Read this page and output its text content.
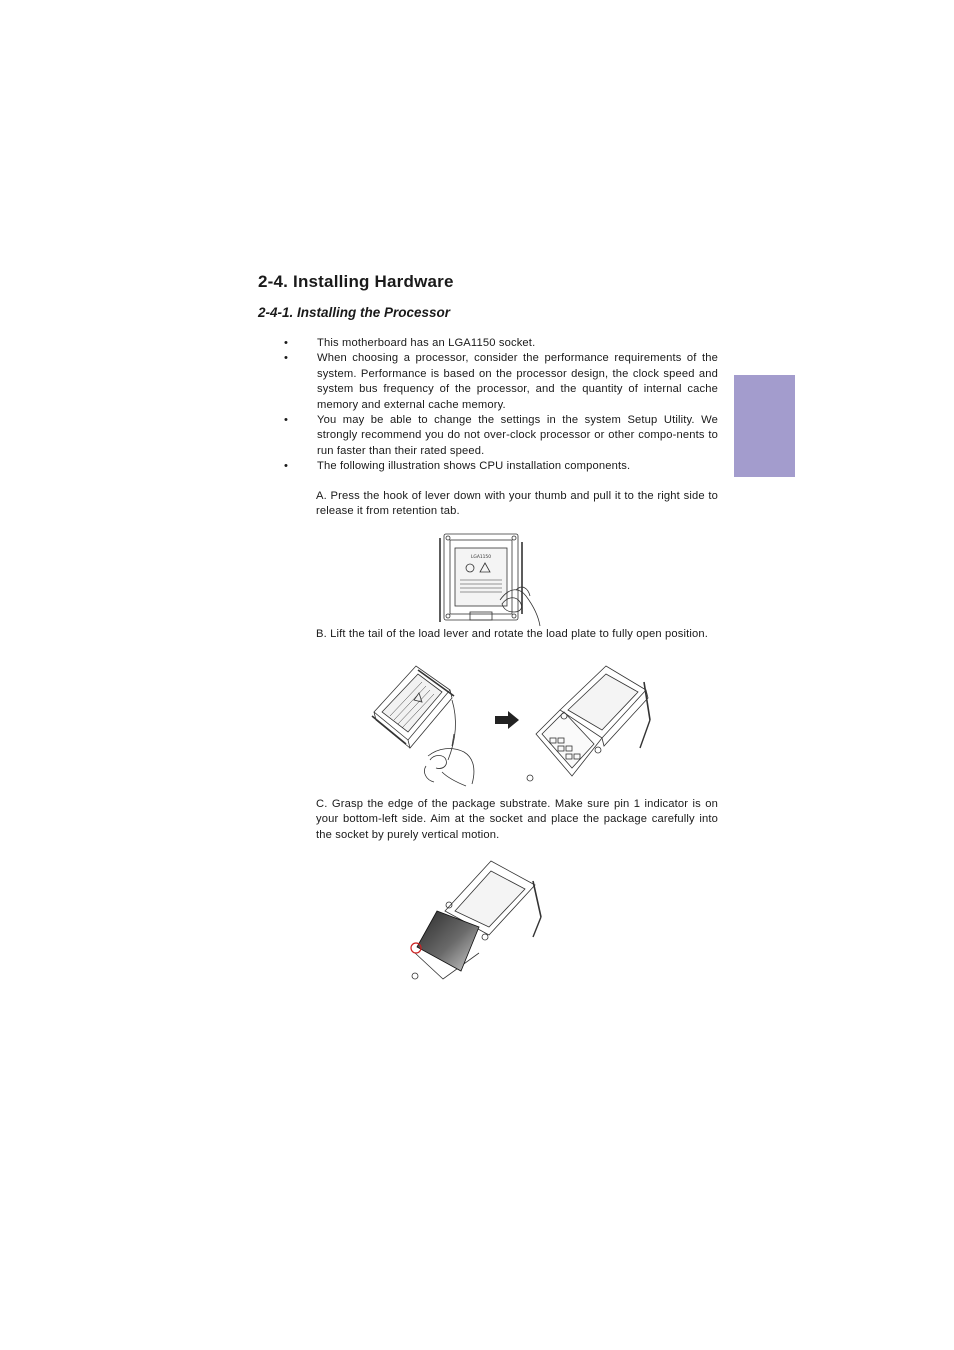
2-4. Installing Hardware
2-4-1. Installing the Processor
•	This motherboard has an LGA1150 socket.
•	When choosing a processor, consider the performance requirements of the system. Performance is based on the processor design, the clock speed and system bus frequency of the processor, and the quantity of internal cache memory and external cache memory.
•	You may be able to change the settings in the system Setup Utility. We strongly recommend you do not over-clock processor or other compo-nents to run faster than their rated speed.
•	The following illustration shows CPU installation components.

A. Press the hook of lever down with your thumb and pull it to the right side to release it from retention tab.

LGA1150

B. Lift the tail of the load lever and rotate the load plate to fully open position.

C. Grasp the edge of the package substrate. Make sure pin 1 indicator is on your bottom-left side. Aim at the socket and place the package carefully into the socket by purely vertical motion.
